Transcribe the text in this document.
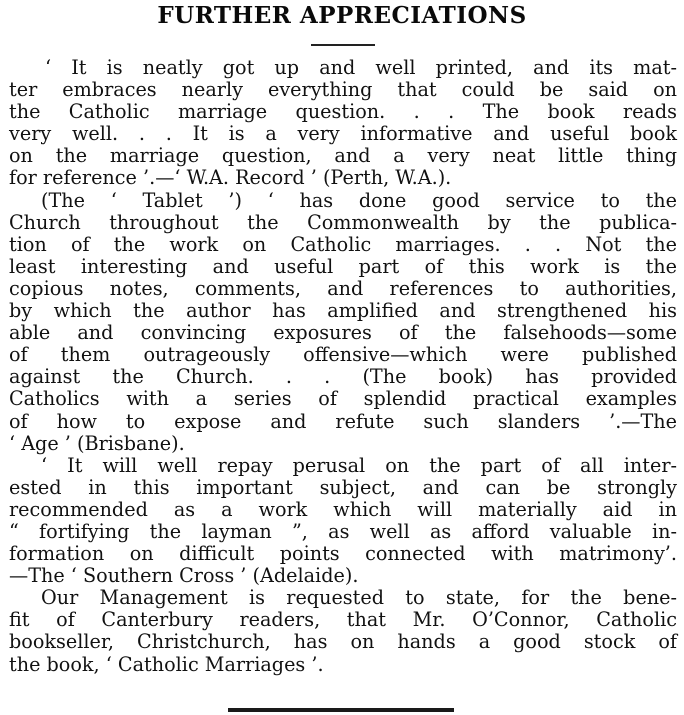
FURTHER APPRECIATIONS
‘ It is neatly got up and well printed, and its mat-
ter embraces nearly everything that could be said on
the Catholic marriage question. . . The book reads
very well. . . It is a very informative and useful book
on the marriage question, and a very neat little thing
for reference ’.—‘ W.A. Record ’ (Perth, W.A.).
(The ‘ Tablet ’) ‘ has done good service to the
Church throughout the Commonwealth by the publica-
tion of the work on Catholic marriages. . . Not the
least interesting and useful part of this work is the
copious notes, comments, and references to authorities,
by which the author has amplified and strengthened his
able and convincing exposures of the falsehoods—some
of them outrageously offensive—which were published
against the Church. . . (The book) has provided
Catholics with a series of splendid practical examples
of how to expose and refute such slanders ’.—The
‘ Age ’ (Brisbane).
‘ It will well repay perusal on the part of all inter-
ested in this important subject, and can be strongly
recommended as a work which will materially aid in
“ fortifying the layman ”, as well as afford valuable in-
formation on difficult points connected with matrimony’.
—The ‘ Southern Cross ’ (Adelaide).
Our Management is requested to state, for the bene-
fit of Canterbury readers, that Mr. O’Connor, Catholic
bookseller, Christchurch, has on hands a good stock of
the book, ‘ Catholic Marriages ’.
